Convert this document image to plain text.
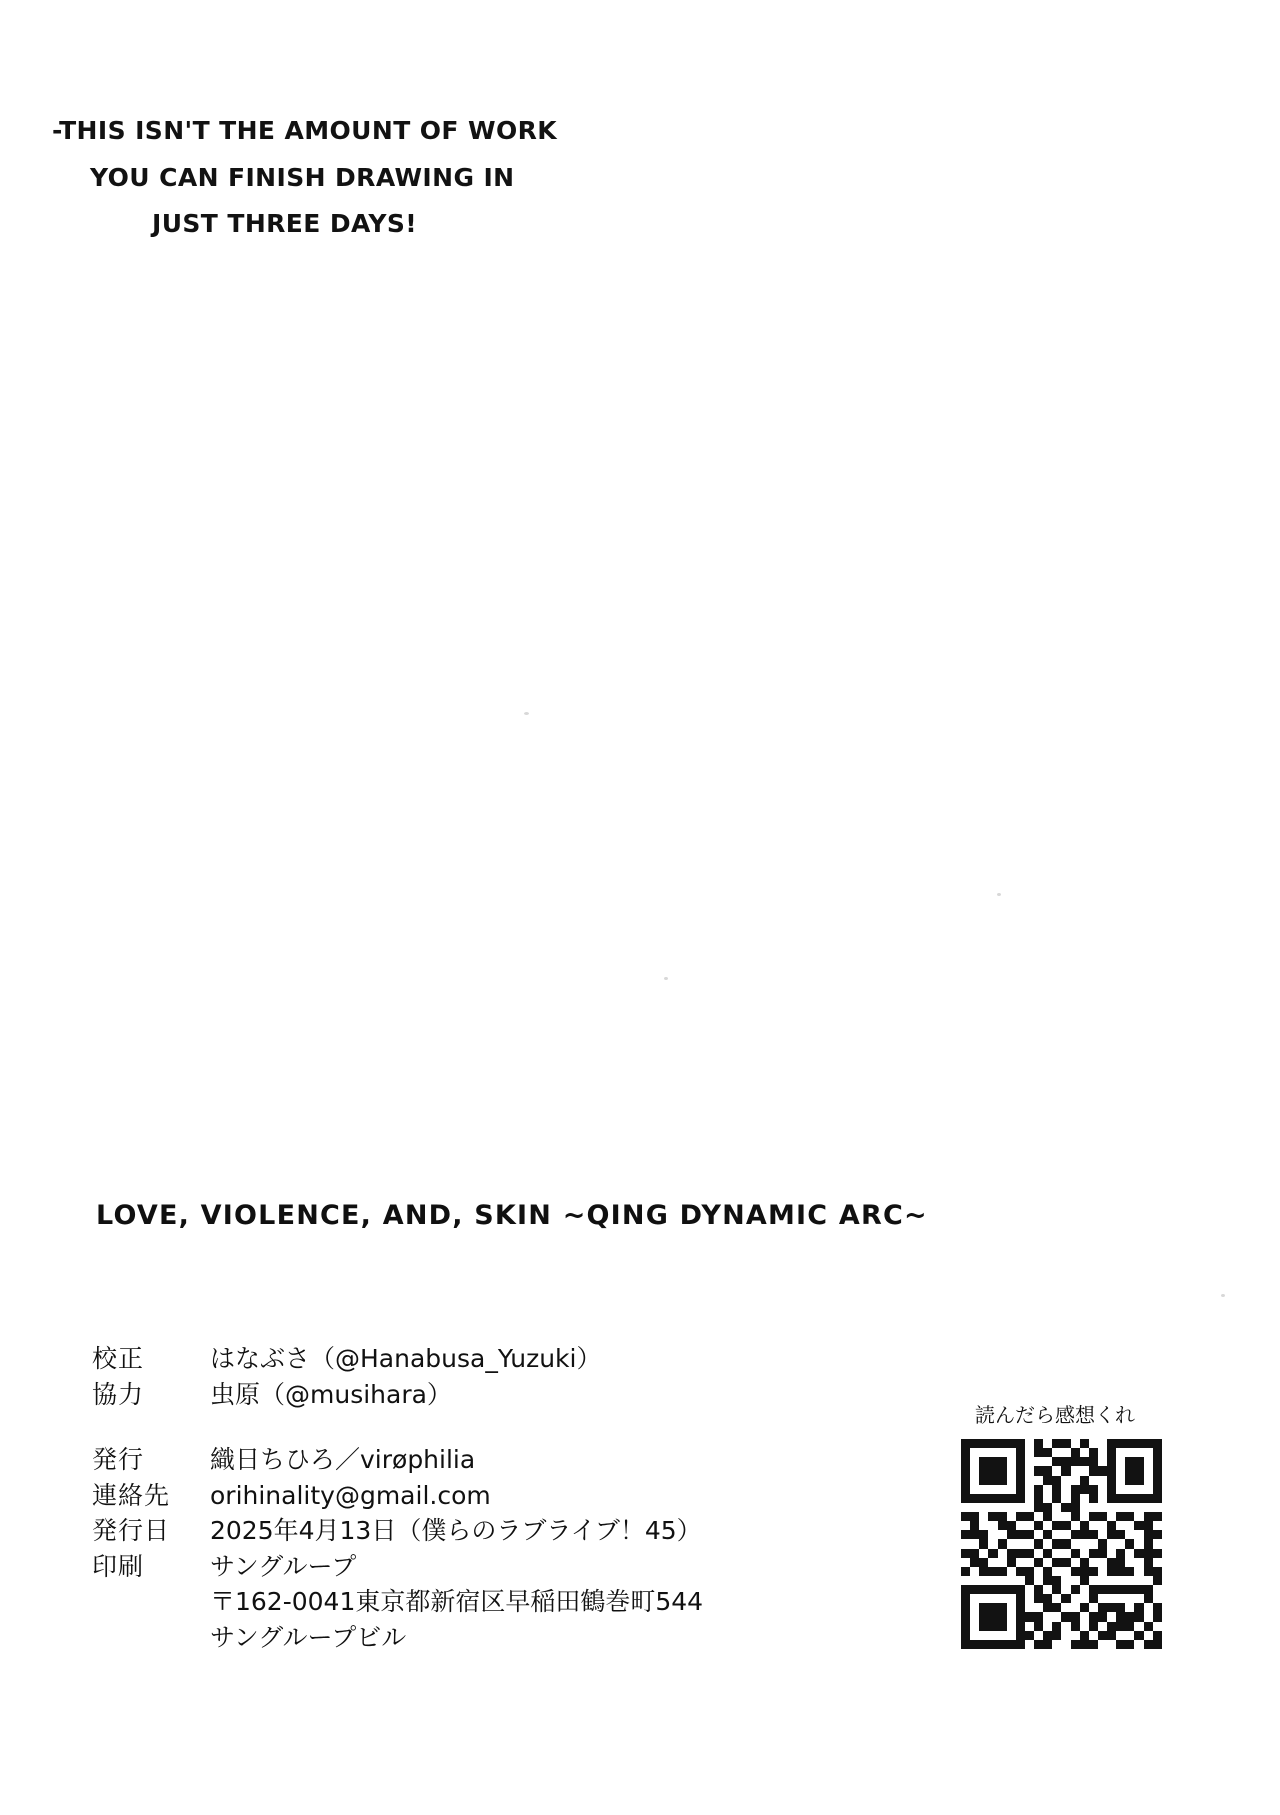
-THIS ISN'T THE AMOUNT OF WORK
YOU CAN FINISH DRAWING IN
JUST THREE DAYS!
LOVE, VIOLENCE, AND, SKIN ~QING DYNAMIC ARC~
校正	はなぶさ（@Hanabusa_Yuzuki）
協力	虫原（@musihara）
発行	織日ちひろ／virøphilia
連絡先	orihinality@gmail.com
発行日	2025年4月13日（僕らのラブライブ！45）
印刷	サングループ
〒162-0041東京都新宿区早稲田鶴巻町544
サングループビル
読んだら感想くれ
